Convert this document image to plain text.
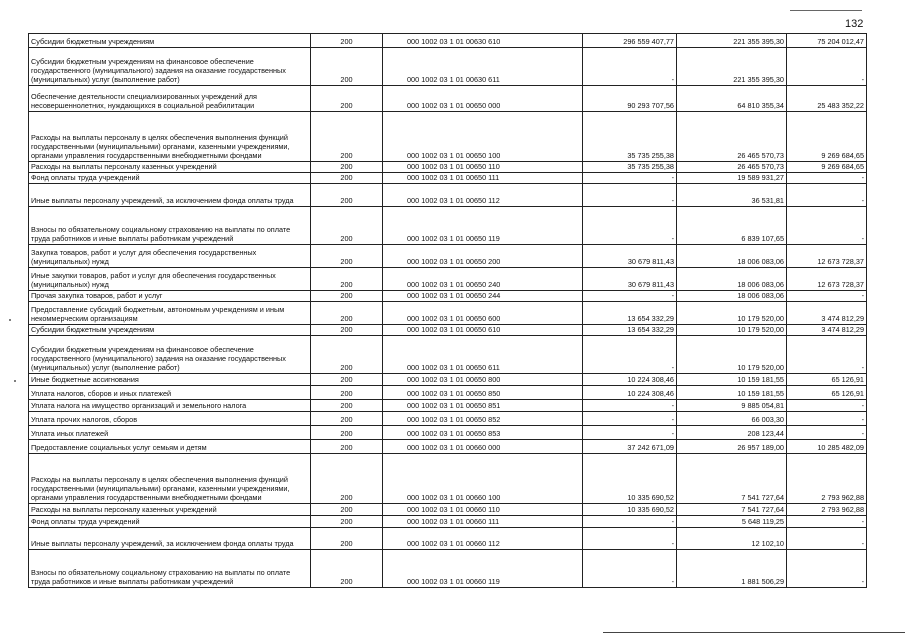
132
Субсидии бюджетным учреждениям	200	000 1002 03 1 01 00630 610	296 559 407,77	221 355 395,30	75 204 012,47
Субсидии бюджетным учреждениям на финансовое обеспечение государственного (муниципального) задания на оказание государственных (муниципальных) услуг (выполнение работ)	200	000 1002 03 1 01 00630 611	-	221 355 395,30	-
Обеспечение деятельности специализированных учреждений для несовершеннолетних, нуждающихся в социальной реабилитации	200	000 1002 03 1 01 00650 000	90 293 707,56	64 810 355,34	25 483 352,22
Расходы на выплаты персоналу в целях обеспечения выполнения функций государственными (муниципальными) органами, казенными учреждениями, органами управления государственными внебюджетными фондами	200	000 1002 03 1 01 00650 100	35 735 255,38	26 465 570,73	9 269 684,65
Расходы на выплаты персоналу казенных учреждений	200	000 1002 03 1 01 00650 110	35 735 255,38	26 465 570,73	9 269 684,65
Фонд оплаты труда учреждений	200	000 1002 03 1 01 00650 111	-	19 589 931,27	-
Иные выплаты персоналу учреждений, за исключением фонда оплаты труда	200	000 1002 03 1 01 00650 112	-	36 531,81	-
Взносы по обязательному социальному страхованию на выплаты по оплате труда работников и иные выплаты работникам учреждений	200	000 1002 03 1 01 00650 119	-	6 839 107,65	-
Закупка товаров, работ и услуг для обеспечения государственных (муниципальных) нужд	200	000 1002 03 1 01 00650 200	30 679 811,43	18 006 083,06	12 673 728,37
Иные закупки товаров, работ и услуг для обеспечения государственных (муниципальных) нужд	200	000 1002 03 1 01 00650 240	30 679 811,43	18 006 083,06	12 673 728,37
Прочая закупка товаров, работ и услуг	200	000 1002 03 1 01 00650 244	-	18 006 083,06	-
Предоставление субсидий бюджетным, автономным учреждениям и иным некоммерческим организациям	200	000 1002 03 1 01 00650 600	13 654 332,29	10 179 520,00	3 474 812,29
Субсидии бюджетным учреждениям	200	000 1002 03 1 01 00650 610	13 654 332,29	10 179 520,00	3 474 812,29
Субсидии бюджетным учреждениям на финансовое обеспечение государственного (муниципального) задания на оказание государственных (муниципальных) услуг (выполнение работ)	200	000 1002 03 1 01 00650 611	-	10 179 520,00	-
Иные бюджетные ассигнования	200	000 1002 03 1 01 00650 800	10 224 308,46	10 159 181,55	65 126,91
Уплата налогов, сборов и иных платежей	200	000 1002 03 1 01 00650 850	10 224 308,46	10 159 181,55	65 126,91
Уплата налога на имущество организаций и земельного налога	200	000 1002 03 1 01 00650 851	-	9 885 054,81	-
Уплата прочих налогов, сборов	200	000 1002 03 1 01 00650 852	-	66 003,30	-
Уплата иных платежей	200	000 1002 03 1 01 00650 853	-	208 123,44	-
Предоставление социальных услуг семьям и детям	200	000 1002 03 1 01 00660 000	37 242 671,09	26 957 189,00	10 285 482,09
Расходы на выплаты персоналу в целях обеспечения выполнения функций государственными (муниципальными) органами, казенными учреждениями, органами управления государственными внебюджетными фондами	200	000 1002 03 1 01 00660 100	10 335 690,52	7 541 727,64	2 793 962,88
Расходы на выплаты персоналу казенных учреждений	200	000 1002 03 1 01 00660 110	10 335 690,52	7 541 727,64	2 793 962,88
Фонд оплаты труда учреждений	200	000 1002 03 1 01 00660 111	-	5 648 119,25	-
Иные выплаты персоналу учреждений, за исключением фонда оплаты труда	200	000 1002 03 1 01 00660 112	-	12 102,10	-
Взносы по обязательному социальному страхованию на выплаты по оплате труда работников и иные выплаты работникам учреждений	200	000 1002 03 1 01 00660 119	-	1 881 506,29	-
